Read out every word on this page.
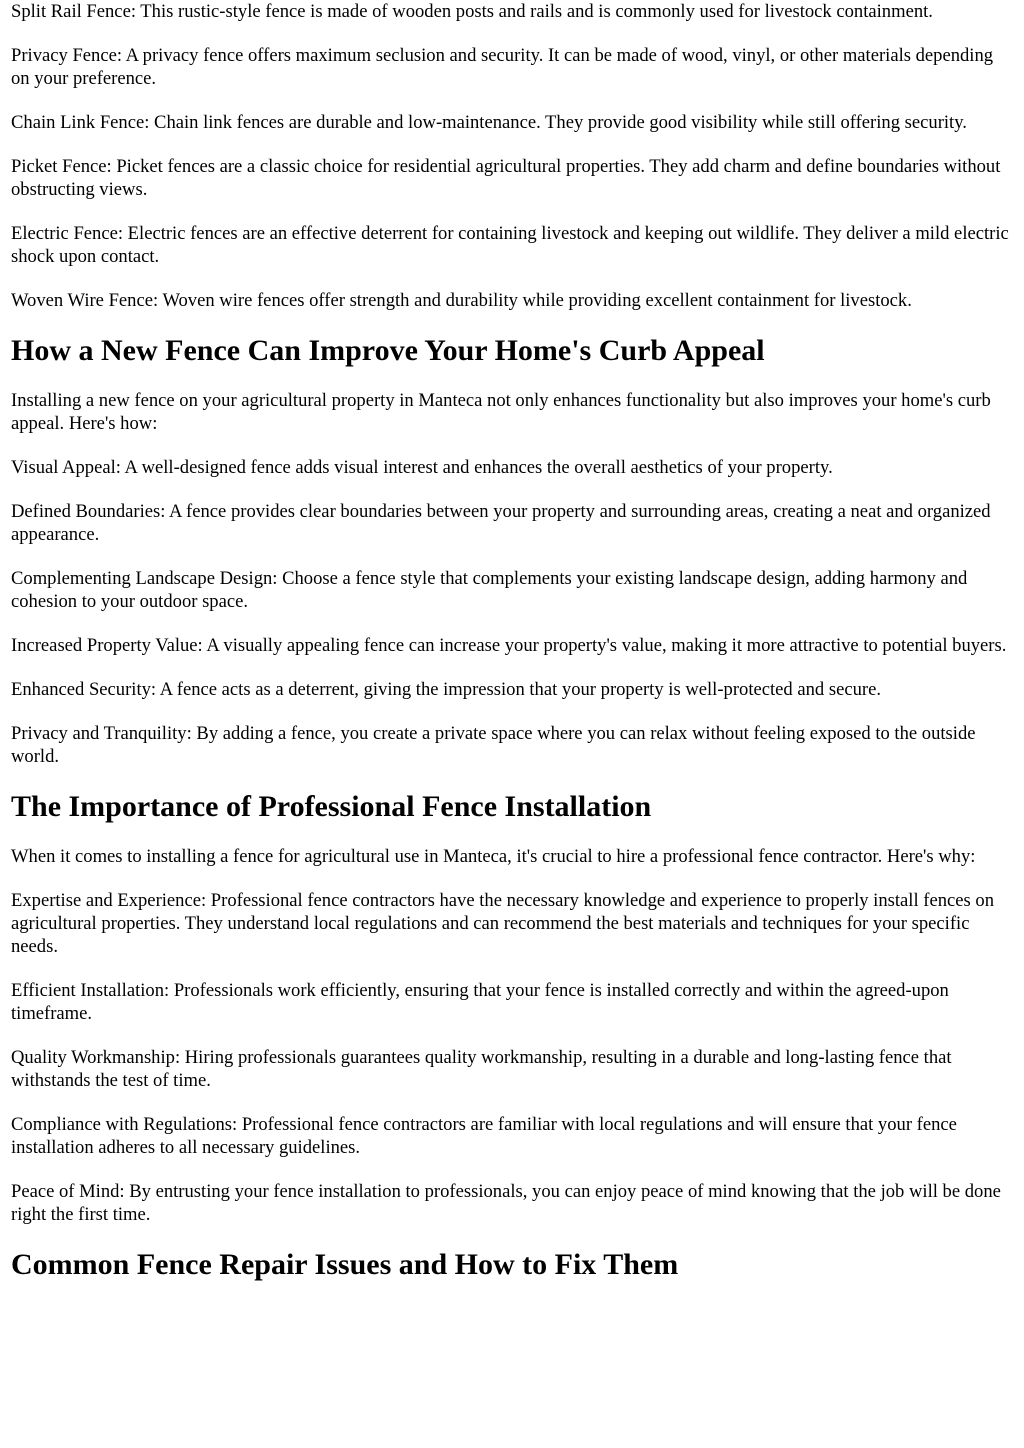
Split Rail Fence: This rustic-style fence is made of wooden posts and rails and is commonly used for livestock containment.

Privacy Fence: A privacy fence offers maximum seclusion and security. It can be made of wood, vinyl, or other materials depending on your preference.

Chain Link Fence: Chain link fences are durable and low-maintenance. They provide good visibility while still offering security.

Picket Fence: Picket fences are a classic choice for residential agricultural properties. They add charm and define boundaries without obstructing views.

Electric Fence: Electric fences are an effective deterrent for containing livestock and keeping out wildlife. They deliver a mild electric shock upon contact.

Woven Wire Fence: Woven wire fences offer strength and durability while providing excellent containment for livestock.

How a New Fence Can Improve Your Home's Curb Appeal

Installing a new fence on your agricultural property in Manteca not only enhances functionality but also improves your home's curb appeal. Here's how:

Visual Appeal: A well-designed fence adds visual interest and enhances the overall aesthetics of your property.

Defined Boundaries: A fence provides clear boundaries between your property and surrounding areas, creating a neat and organized appearance.

Complementing Landscape Design: Choose a fence style that complements your existing landscape design, adding harmony and cohesion to your outdoor space.

Increased Property Value: A visually appealing fence can increase your property's value, making it more attractive to potential buyers.

Enhanced Security: A fence acts as a deterrent, giving the impression that your property is well-protected and secure.

Privacy and Tranquility: By adding a fence, you create a private space where you can relax without feeling exposed to the outside world.

The Importance of Professional Fence Installation

When it comes to installing a fence for agricultural use in Manteca, it's crucial to hire a professional fence contractor. Here's why:

Expertise and Experience: Professional fence contractors have the necessary knowledge and experience to properly install fences on agricultural properties. They understand local regulations and can recommend the best materials and techniques for your specific needs.

Efficient Installation: Professionals work efficiently, ensuring that your fence is installed correctly and within the agreed-upon timeframe.

Quality Workmanship: Hiring professionals guarantees quality workmanship, resulting in a durable and long-lasting fence that withstands the test of time.

Compliance with Regulations: Professional fence contractors are familiar with local regulations and will ensure that your fence installation adheres to all necessary guidelines.

Peace of Mind: By entrusting your fence installation to professionals, you can enjoy peace of mind knowing that the job will be done right the first time.

Common Fence Repair Issues and How to Fix Them
